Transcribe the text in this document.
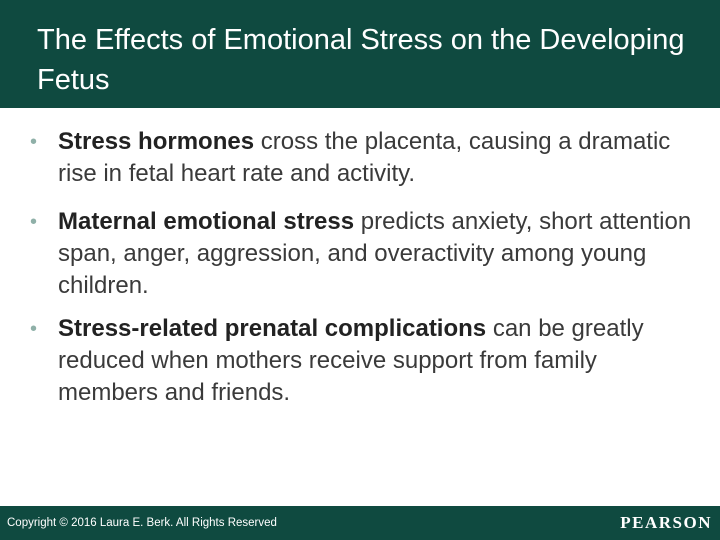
The Effects of Emotional Stress on the Developing Fetus
• Stress hormones cross the placenta, causing a dramatic rise in fetal heart rate and activity.
• Maternal emotional stress predicts anxiety, short attention span, anger, aggression, and overactivity among young children.
• Stress-related prenatal complications can be greatly reduced when mothers receive support from family members and friends.
Copyright © 2016 Laura E. Berk. All Rights Reserved	PEARSON
